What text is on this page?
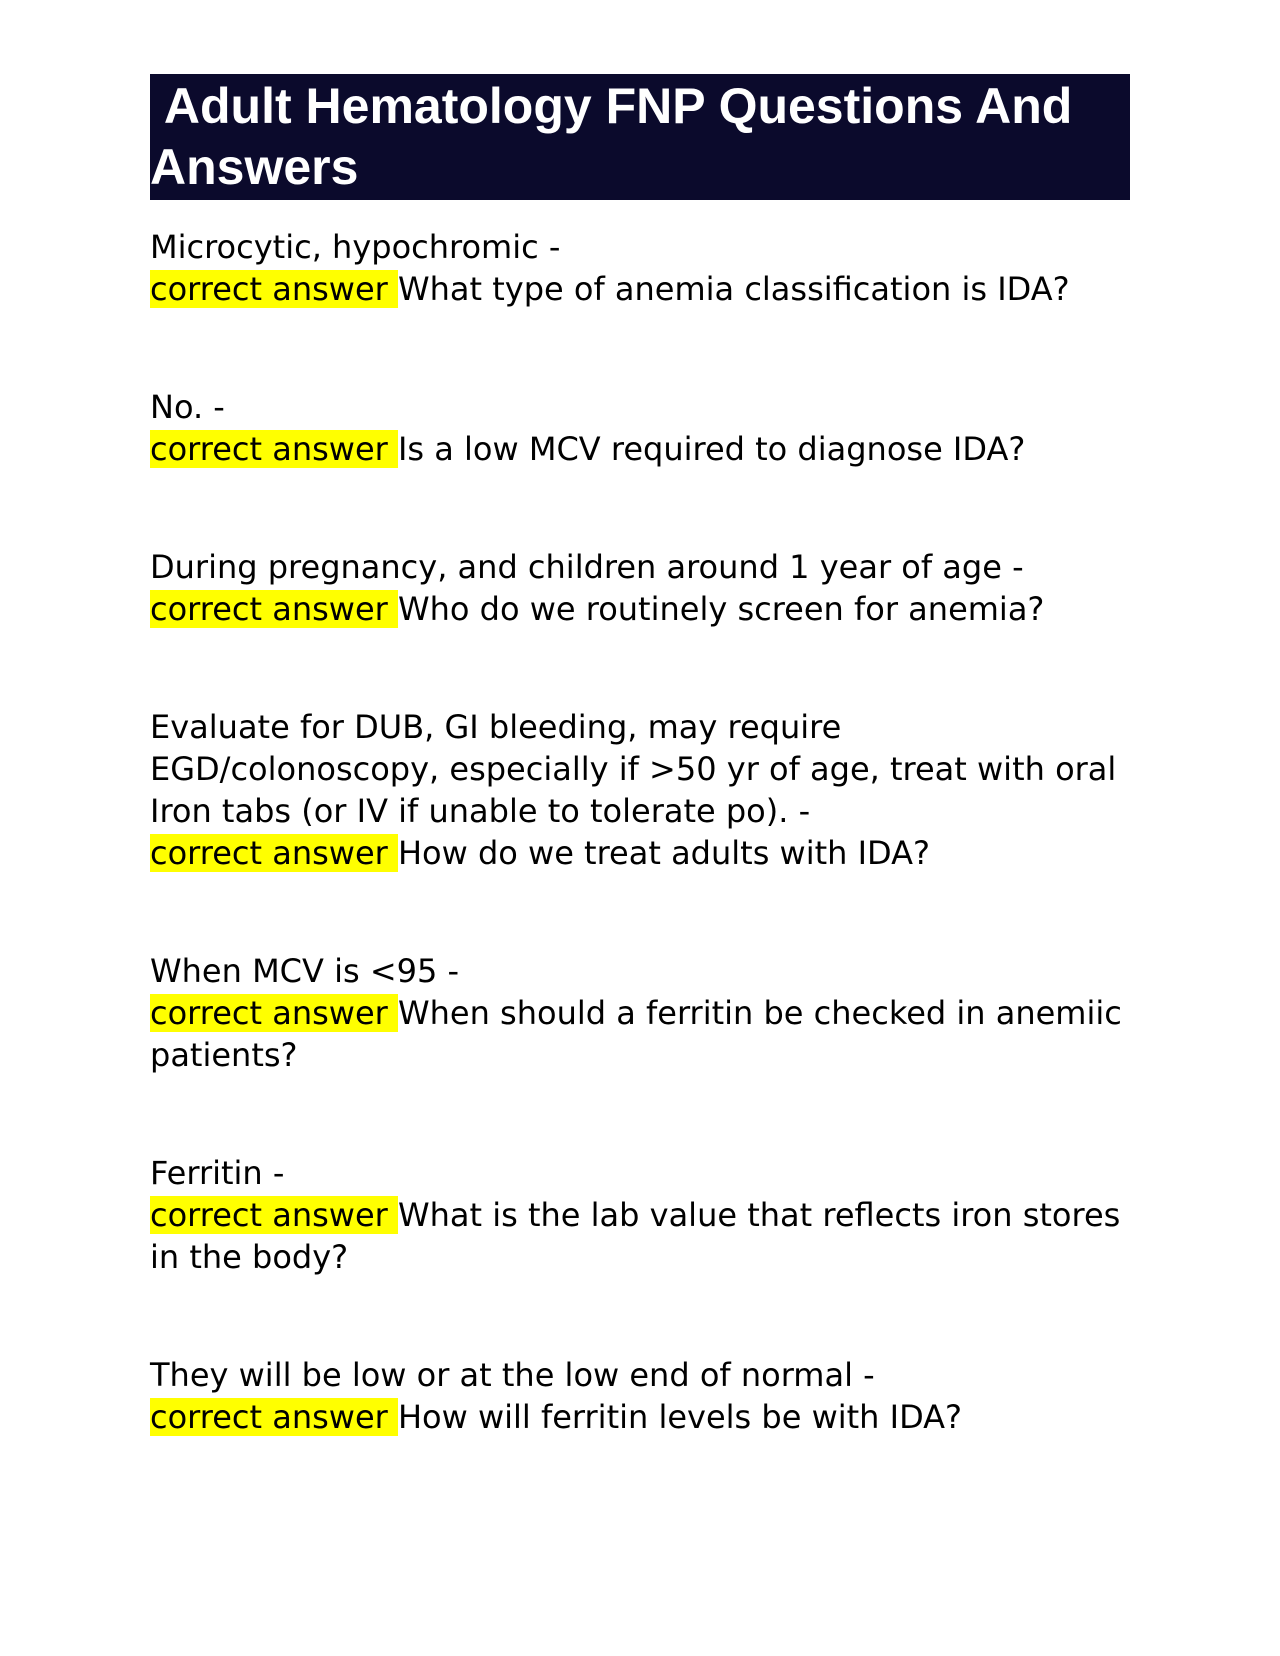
Adult Hematology FNP Questions And Answers
Microcytic, hypochromic -
correct answer What type of anemia classification is IDA?
No. -
correct answer Is a low MCV required to diagnose IDA?
During pregnancy, and children around 1 year of age -
correct answer Who do we routinely screen for anemia?
Evaluate for DUB, GI bleeding, may require EGD/colonoscopy, especially if >50 yr of age, treat with oral Iron tabs (or IV if unable to tolerate po). -
correct answer How do we treat adults with IDA?
When MCV is <95 -
correct answer When should a ferritin be checked in anemiic patients?
Ferritin -
correct answer What is the lab value that reflects iron stores in the body?
They will be low or at the low end of normal -
correct answer How will ferritin levels be with IDA?
